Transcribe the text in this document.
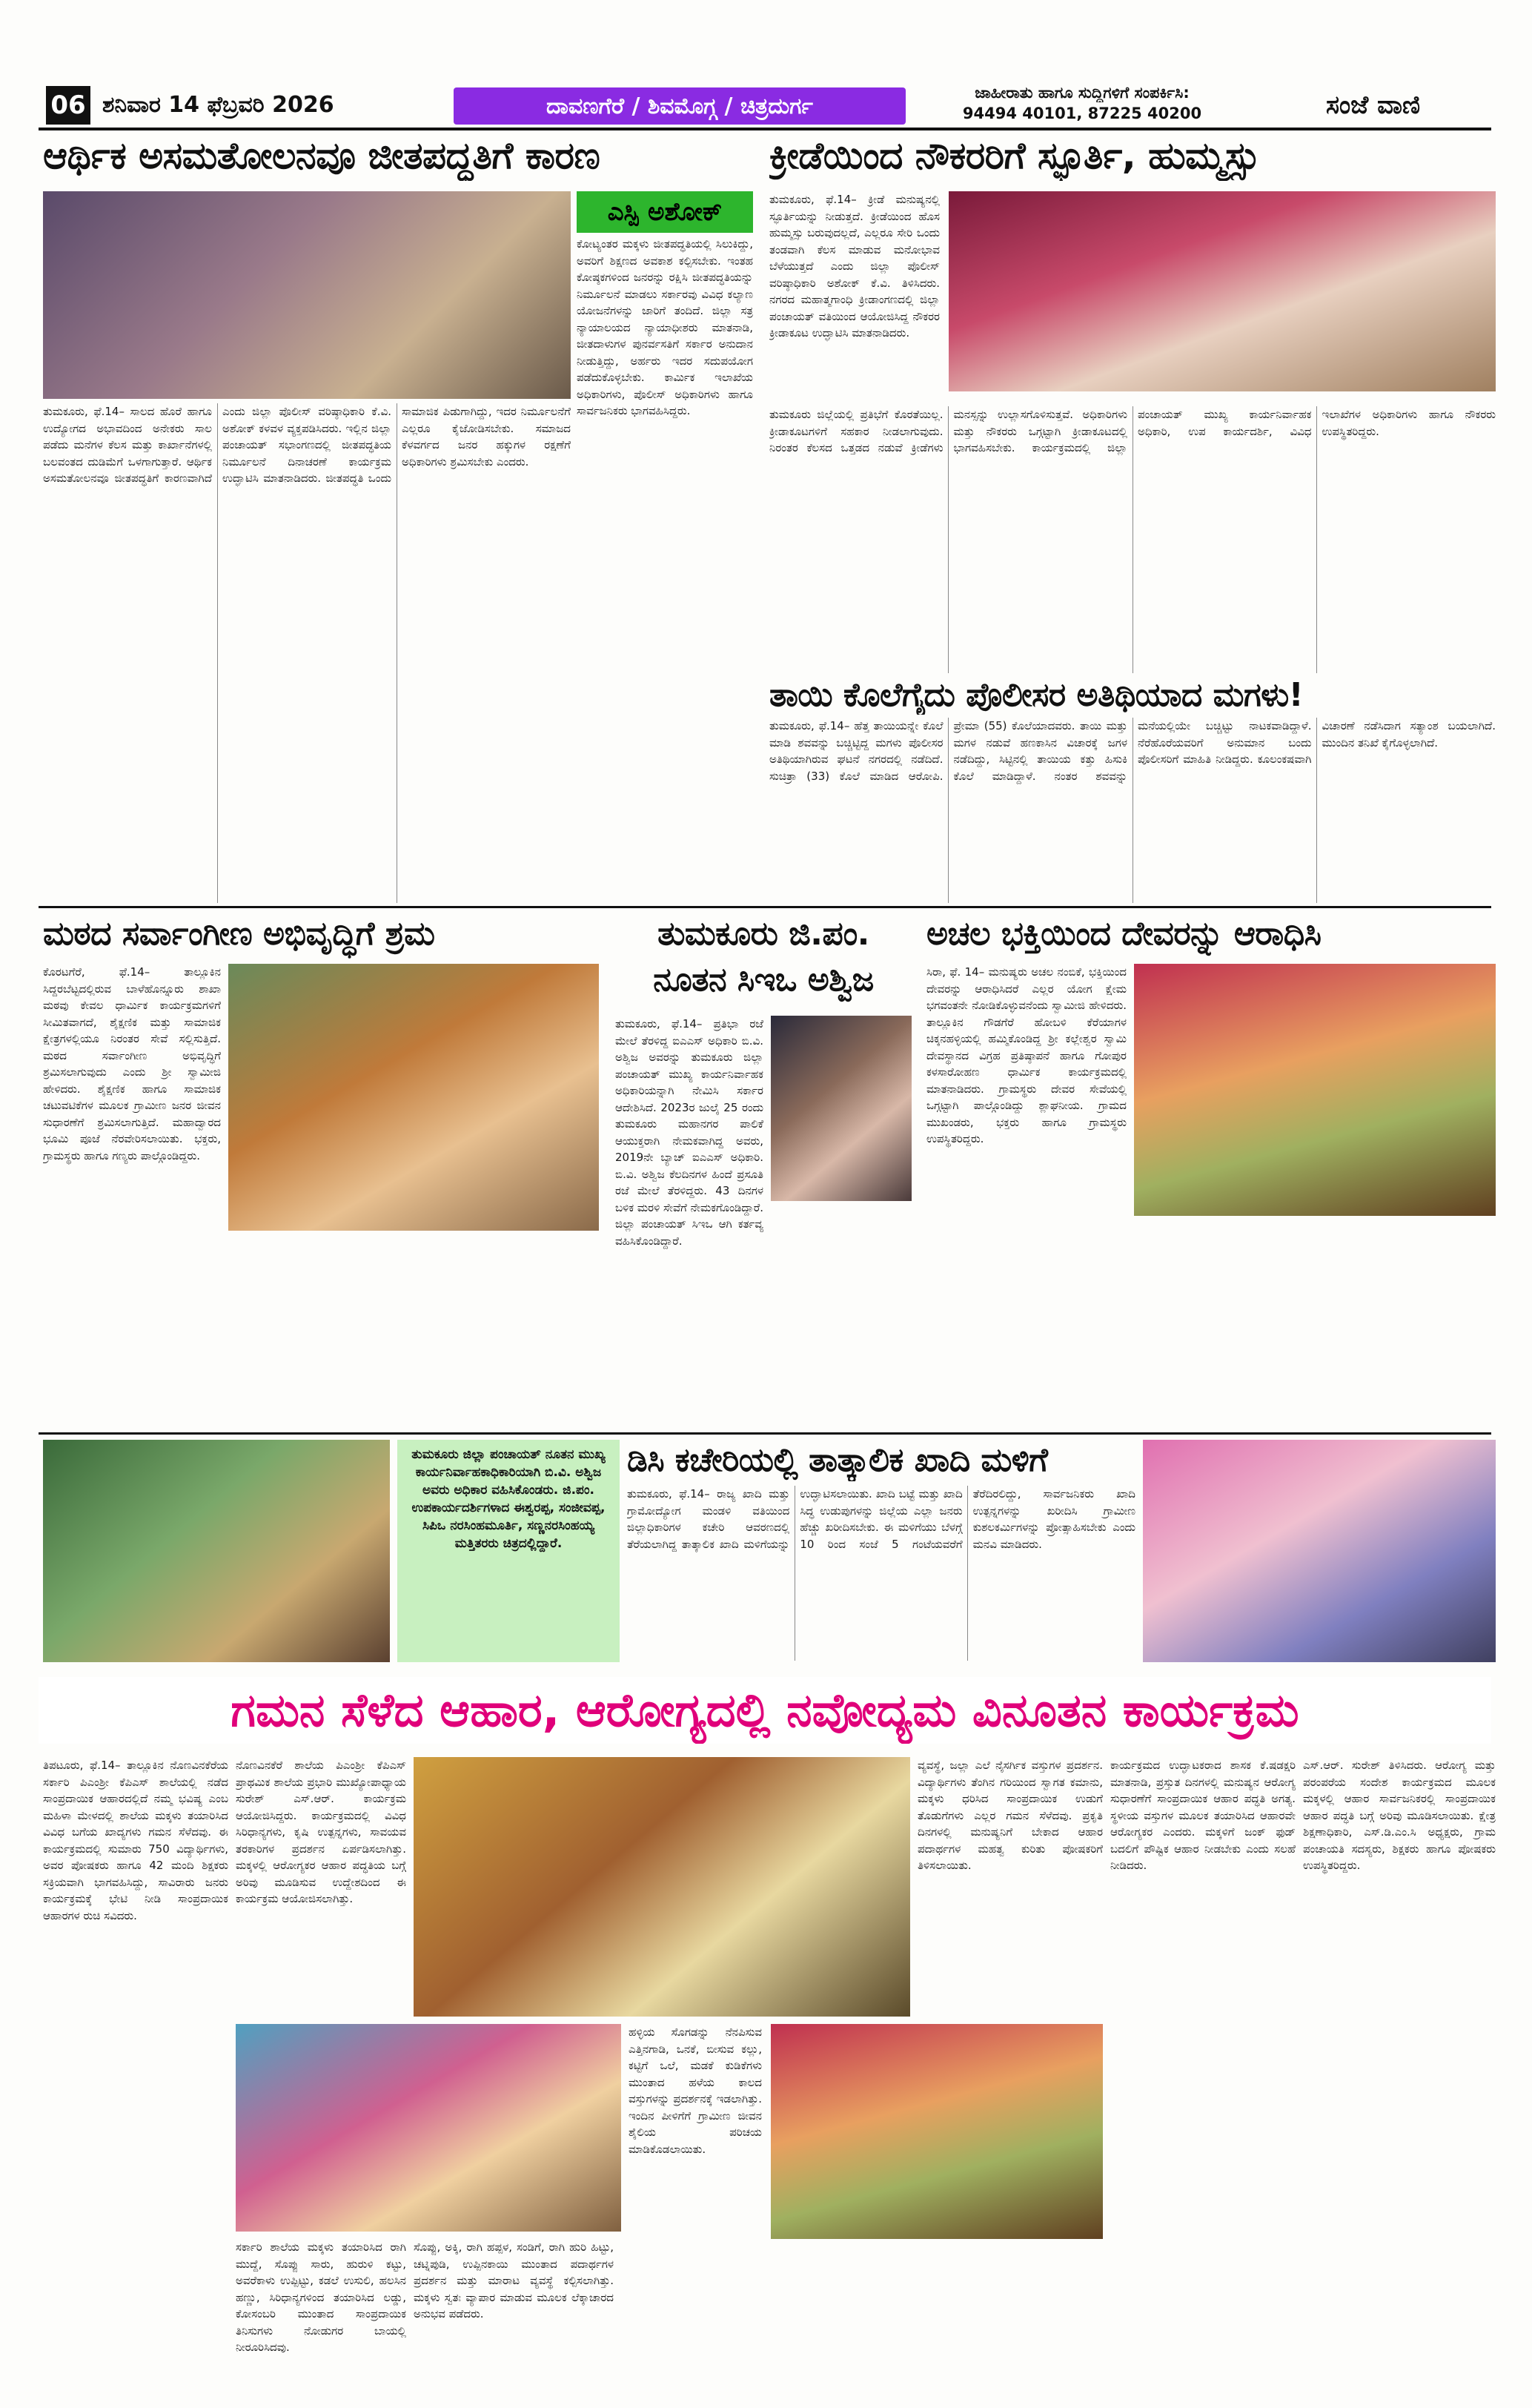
06 ಶನಿವಾರ 14 ಫೆಬ್ರವರಿ 2026	ದಾವಣಗೆರೆ / ಶಿವಮೊಗ್ಗ / ಚಿತ್ರದುರ್ಗ
ಜಾಹೀರಾತು ಹಾಗೂ ಸುದ್ದಿಗಳಿಗೆ ಸಂಪರ್ಕಿಸಿ:
94494 40101, 87225 40200	ಸಂಜೆ ವಾಣಿ
ಆರ್ಥಿಕ ಅಸಮತೋಲನವೂ ಜೀತಪದ್ಧತಿಗೆ ಕಾರಣ
ಎಸ್ಪಿ ಅಶೋಕ್
ಕೋಟ್ಯಂತರ ಮಕ್ಕಳು ಜೀತಪದ್ಧತಿಯಲ್ಲಿ ಸಿಲುಕಿದ್ದು, ಅವರಿಗೆ ಶಿಕ್ಷಣದ ಅವಕಾಶ ಕಲ್ಪಿಸಬೇಕು. ಇಂತಹ ಕೋಷ್ಠಕಗಳಿಂದ ಜನರನ್ನು ರಕ್ಷಿಸಿ ಜೀತಪದ್ಧತಿಯನ್ನು ನಿರ್ಮೂಲನೆ ಮಾಡಲು ಸರ್ಕಾರವು ವಿವಿಧ ಕಲ್ಯಾಣ ಯೋಜನೆಗಳನ್ನು ಜಾರಿಗೆ ತಂದಿದೆ. ಜಿಲ್ಲಾ ಸತ್ರ ನ್ಯಾಯಾಲಯದ ನ್ಯಾಯಾಧೀಶರು ಮಾತನಾಡಿ, ಜೀತದಾಳುಗಳ ಪುನರ್ವಸತಿಗೆ ಸರ್ಕಾರ ಅನುದಾನ ನೀಡುತ್ತಿದ್ದು, ಅರ್ಹರು ಇದರ ಸದುಪಯೋಗ ಪಡೆದುಕೊಳ್ಳಬೇಕು. ಕಾರ್ಮಿಕ ಇಲಾಖೆಯ ಅಧಿಕಾರಿಗಳು, ಪೊಲೀಸ್ ಅಧಿಕಾರಿಗಳು ಹಾಗೂ ಸಾರ್ವಜನಿಕರು ಭಾಗವಹಿಸಿದ್ದರು.
ತುಮಕೂರು, ಫೆ.14– ಸಾಲದ ಹೊರೆ ಹಾಗೂ ಉದ್ಯೋಗದ ಅಭಾವದಿಂದ ಅನೇಕರು ಸಾಲ ಪಡೆದು ಮನೆಗಳ ಕೆಲಸ ಮತ್ತು ಕಾರ್ಖಾನೆಗಳಲ್ಲಿ ಬಲವಂತದ ದುಡಿಮೆಗೆ ಒಳಗಾಗುತ್ತಾರೆ. ಆರ್ಥಿಕ ಅಸಮತೋಲನವೂ ಜೀತಪದ್ಧತಿಗೆ ಕಾರಣವಾಗಿದೆ ಎಂದು ಜಿಲ್ಲಾ ಪೊಲೀಸ್ ವರಿಷ್ಠಾಧಿಕಾರಿ ಕೆ.ವಿ. ಅಶೋಕ್ ಕಳವಳ ವ್ಯಕ್ತಪಡಿಸಿದರು. ಇಲ್ಲಿನ ಜಿಲ್ಲಾ ಪಂಚಾಯತ್ ಸಭಾಂಗಣದಲ್ಲಿ ಜೀತಪದ್ಧತಿಯ ನಿರ್ಮೂಲನೆ ದಿನಾಚರಣೆ ಕಾರ್ಯಕ್ರಮ ಉದ್ಘಾಟಿಸಿ ಮಾತನಾಡಿದರು. ಜೀತಪದ್ಧತಿ ಒಂದು ಸಾಮಾಜಿಕ ಪಿಡುಗಾಗಿದ್ದು, ಇದರ ನಿರ್ಮೂಲನೆಗೆ ಎಲ್ಲರೂ ಕೈಜೋಡಿಸಬೇಕು. ಸಮಾಜದ ಕೆಳವರ್ಗದ ಜನರ ಹಕ್ಕುಗಳ ರಕ್ಷಣೆಗೆ ಅಧಿಕಾರಿಗಳು ಶ್ರಮಿಸಬೇಕು ಎಂದರು.
ಕ್ರೀಡೆಯಿಂದ ನೌಕರರಿಗೆ ಸ್ಫೂರ್ತಿ, ಹುಮ್ಮಸ್ಸು
ತುಮಕೂರು, ಫೆ.14– ಕ್ರೀಡೆ ಮನುಷ್ಯನಲ್ಲಿ ಸ್ಫೂರ್ತಿಯನ್ನು ನೀಡುತ್ತದೆ. ಕ್ರೀಡೆಯಿಂದ ಹೊಸ ಹುಮ್ಮಸ್ಸು ಬರುವುದಲ್ಲದೆ, ಎಲ್ಲರೂ ಸೇರಿ ಒಂದು ತಂಡವಾಗಿ ಕೆಲಸ ಮಾಡುವ ಮನೋಭಾವ ಬೆಳೆಯುತ್ತದೆ ಎಂದು ಜಿಲ್ಲಾ ಪೊಲೀಸ್ ವರಿಷ್ಠಾಧಿಕಾರಿ ಅಶೋಕ್ ಕೆ.ವಿ. ತಿಳಿಸಿದರು. ನಗರದ ಮಹಾತ್ಮಗಾಂಧಿ ಕ್ರೀಡಾಂಗಣದಲ್ಲಿ ಜಿಲ್ಲಾ ಪಂಚಾಯತ್ ವತಿಯಿಂದ ಆಯೋಜಿಸಿದ್ದ ನೌಕರರ ಕ್ರೀಡಾಕೂಟ ಉದ್ಘಾಟಿಸಿ ಮಾತನಾಡಿದರು.
ತುಮಕೂರು ಜಿಲ್ಲೆಯಲ್ಲಿ ಪ್ರತಿಭೆಗೆ ಕೊರತೆಯಿಲ್ಲ. ಕ್ರೀಡಾಕೂಟಗಳಿಗೆ ಸಹಕಾರ ನೀಡಲಾಗುವುದು. ನಿರಂತರ ಕೆಲಸದ ಒತ್ತಡದ ನಡುವೆ ಕ್ರೀಡೆಗಳು ಮನಸ್ಸನ್ನು ಉಲ್ಲಾಸಗೊಳಿಸುತ್ತವೆ. ಅಧಿಕಾರಿಗಳು ಮತ್ತು ನೌಕರರು ಒಗ್ಗಟ್ಟಾಗಿ ಕ್ರೀಡಾಕೂಟದಲ್ಲಿ ಭಾಗವಹಿಸಬೇಕು. ಕಾರ್ಯಕ್ರಮದಲ್ಲಿ ಜಿಲ್ಲಾ ಪಂಚಾಯತ್ ಮುಖ್ಯ ಕಾರ್ಯನಿರ್ವಾಹಕ ಅಧಿಕಾರಿ, ಉಪ ಕಾರ್ಯದರ್ಶಿ, ವಿವಿಧ ಇಲಾಖೆಗಳ ಅಧಿಕಾರಿಗಳು ಹಾಗೂ ನೌಕರರು ಉಪಸ್ಥಿತರಿದ್ದರು.
ತಾಯಿ ಕೊಲೆಗೈದು ಪೊಲೀಸರ ಅತಿಥಿಯಾದ ಮಗಳು!
ತುಮಕೂರು, ಫೆ.14– ಹೆತ್ತ ತಾಯಿಯನ್ನೇ ಕೊಲೆ ಮಾಡಿ ಶವವನ್ನು ಬಚ್ಚಿಟ್ಟಿದ್ದ ಮಗಳು ಪೊಲೀಸರ ಅತಿಥಿಯಾಗಿರುವ ಘಟನೆ ನಗರದಲ್ಲಿ ನಡೆದಿದೆ. ಸುಚಿತ್ರಾ (33) ಕೊಲೆ ಮಾಡಿದ ಆರೋಪಿ. ಪ್ರೇಮಾ (55) ಕೊಲೆಯಾದವರು. ತಾಯಿ ಮತ್ತು ಮಗಳ ನಡುವೆ ಹಣಕಾಸಿನ ವಿಚಾರಕ್ಕೆ ಜಗಳ ನಡೆದಿದ್ದು, ಸಿಟ್ಟಿನಲ್ಲಿ ತಾಯಿಯ ಕತ್ತು ಹಿಸುಕಿ ಕೊಲೆ ಮಾಡಿದ್ದಾಳೆ. ನಂತರ ಶವವನ್ನು ಮನೆಯಲ್ಲಿಯೇ ಬಚ್ಚಿಟ್ಟು ನಾಟಕವಾಡಿದ್ದಾಳೆ. ನೆರೆಹೊರೆಯವರಿಗೆ ಅನುಮಾನ ಬಂದು ಪೊಲೀಸರಿಗೆ ಮಾಹಿತಿ ನೀಡಿದ್ದರು. ಕೂಲಂಕಷವಾಗಿ ವಿಚಾರಣೆ ನಡೆಸಿದಾಗ ಸತ್ಯಾಂಶ ಬಯಲಾಗಿದೆ. ಮುಂದಿನ ತನಿಖೆ ಕೈಗೊಳ್ಳಲಾಗಿದೆ.
ಮಠದ ಸರ್ವಾಂಗೀಣ ಅಭಿವೃದ್ಧಿಗೆ ಶ್ರಮ
ಕೊರಟಗೆರೆ, ಫೆ.14– ತಾಲ್ಲೂಕಿನ ಸಿದ್ದರಬೆಟ್ಟದಲ್ಲಿರುವ ಬಾಳೆಹೊನ್ನೂರು ಶಾಖಾ ಮಠವು ಕೇವಲ ಧಾರ್ಮಿಕ ಕಾರ್ಯಕ್ರಮಗಳಿಗೆ ಸೀಮಿತವಾಗದೆ, ಶೈಕ್ಷಣಿಕ ಮತ್ತು ಸಾಮಾಜಿಕ ಕ್ಷೇತ್ರಗಳಲ್ಲಿಯೂ ನಿರಂತರ ಸೇವೆ ಸಲ್ಲಿಸುತ್ತಿದೆ. ಮಠದ ಸರ್ವಾಂಗೀಣ ಅಭಿವೃದ್ಧಿಗೆ ಶ್ರಮಿಸಲಾಗುವುದು ಎಂದು ಶ್ರೀ ಸ್ವಾಮೀಜಿ ಹೇಳಿದರು. ಶೈಕ್ಷಣಿಕ ಹಾಗೂ ಸಾಮಾಜಿಕ ಚಟುವಟಿಕೆಗಳ ಮೂಲಕ ಗ್ರಾಮೀಣ ಜನರ ಜೀವನ ಸುಧಾರಣೆಗೆ ಶ್ರಮಿಸಲಾಗುತ್ತಿದೆ. ಮಹಾದ್ವಾರದ ಭೂಮಿ ಪೂಜೆ ನೆರವೇರಿಸಲಾಯಿತು. ಭಕ್ತರು, ಗ್ರಾಮಸ್ಥರು ಹಾಗೂ ಗಣ್ಯರು ಪಾಲ್ಗೊಂಡಿದ್ದರು.
ತುಮಕೂರು ಜಿ.ಪಂ.
ನೂತನ ಸಿಇಒ ಅಶ್ವಿಜ
ತುಮಕೂರು, ಫೆ.14– ಪ್ರತಿಭಾ ರಜೆ ಮೇಲೆ ತೆರಳಿದ್ದ ಐಎಎಸ್ ಅಧಿಕಾರಿ ಬಿ.ವಿ. ಅಶ್ವಿಜ ಅವರನ್ನು ತುಮಕೂರು ಜಿಲ್ಲಾ ಪಂಚಾಯತ್ ಮುಖ್ಯ ಕಾರ್ಯನಿರ್ವಾಹಕ ಅಧಿಕಾರಿಯನ್ನಾಗಿ ನೇಮಿಸಿ ಸರ್ಕಾರ ಆದೇಶಿಸಿದೆ. 2023ರ ಜುಲೈ 25 ರಂದು ತುಮಕೂರು ಮಹಾನಗರ ಪಾಲಿಕೆ ಆಯುಕ್ತರಾಗಿ ನೇಮಕವಾಗಿದ್ದ ಅವರು, 2019ನೇ ಬ್ಯಾಚ್ ಐಎಎಸ್ ಅಧಿಕಾರಿ. ಬಿ.ವಿ. ಅಶ್ವಿಜ ಕೆಲದಿನಗಳ ಹಿಂದೆ ಪ್ರಸೂತಿ ರಜೆ ಮೇಲೆ ತೆರಳಿದ್ದರು. 43 ದಿನಗಳ ಬಳಿಕ ಮರಳಿ ಸೇವೆಗೆ ನೇಮಕಗೊಂಡಿದ್ದಾರೆ. ಜಿಲ್ಲಾ ಪಂಚಾಯತ್ ಸಿಇಒ ಆಗಿ ಕರ್ತವ್ಯ ವಹಿಸಿಕೊಂಡಿದ್ದಾರೆ.
ಅಚಲ ಭಕ್ತಿಯಿಂದ ದೇವರನ್ನು ಆರಾಧಿಸಿ
ಸಿರಾ, ಫೆ. 14– ಮನುಷ್ಯರು ಅಚಲ ನಂಬಿಕೆ, ಭಕ್ತಿಯಿಂದ ದೇವರನ್ನು ಆರಾಧಿಸಿದರೆ ಎಲ್ಲರ ಯೋಗ ಕ್ಷೇಮ ಭಗವಂತನೇ ನೋಡಿಕೊಳ್ಳುವನೆಂದು ಸ್ವಾಮೀಜಿ ಹೇಳಿದರು. ತಾಲ್ಲೂಕಿನ ಗೌಡಗೆರೆ ಹೋಬಳಿ ಕೆರೆಯಾಗಳ ಚಿಕ್ಕನಹಳ್ಳಿಯಲ್ಲಿ ಹಮ್ಮಿಕೊಂಡಿದ್ದ ಶ್ರೀ ಕಲ್ಲೇಶ್ವರ ಸ್ವಾಮಿ ದೇವಸ್ಥಾನದ ವಿಗ್ರಹ ಪ್ರತಿಷ್ಠಾಪನೆ ಹಾಗೂ ಗೋಪುರ ಕಳಸಾರೋಹಣ ಧಾರ್ಮಿಕ ಕಾರ್ಯಕ್ರಮದಲ್ಲಿ ಮಾತನಾಡಿದರು. ಗ್ರಾಮಸ್ಥರು ದೇವರ ಸೇವೆಯಲ್ಲಿ ಒಗ್ಗಟ್ಟಾಗಿ ಪಾಲ್ಗೊಂಡಿದ್ದು ಶ್ಲಾಘನೀಯ. ಗ್ರಾಮದ ಮುಖಂಡರು, ಭಕ್ತರು ಹಾಗೂ ಗ್ರಾಮಸ್ಥರು ಉಪಸ್ಥಿತರಿದ್ದರು.
ತುಮಕೂರು ಜಿಲ್ಲಾ ಪಂಚಾಯತ್ ನೂತನ ಮುಖ್ಯ ಕಾರ್ಯನಿರ್ವಾಹಕಾಧಿಕಾರಿಯಾಗಿ ಬಿ.ವಿ. ಅಶ್ವಿಜ ಅವರು ಅಧಿಕಾರ ವಹಿಸಿಕೊಂಡರು. ಜಿ.ಪಂ. ಉಪಕಾರ್ಯದರ್ಶಿಗಳಾದ ಈಶ್ವರಪ್ಪ, ಸಂಜೀವಪ್ಪ, ಸಿಪಿಒ ನರಸಿಂಹಮೂರ್ತಿ, ಸಣ್ಣನರಸಿಂಹಯ್ಯ ಮತ್ತಿತರರು ಚಿತ್ರದಲ್ಲಿದ್ದಾರೆ.
ಡಿಸಿ ಕಚೇರಿಯಲ್ಲಿ ತಾತ್ಕಾಲಿಕ ಖಾದಿ ಮಳಿಗೆ
ತುಮಕೂರು, ಫೆ.14– ರಾಜ್ಯ ಖಾದಿ ಮತ್ತು ಗ್ರಾಮೋದ್ಯೋಗ ಮಂಡಳಿ ವತಿಯಿಂದ ಜಿಲ್ಲಾಧಿಕಾರಿಗಳ ಕಚೇರಿ ಆವರಣದಲ್ಲಿ ತೆರೆಯಲಾಗಿದ್ದ ತಾತ್ಕಾಲಿಕ ಖಾದಿ ಮಳಿಗೆಯನ್ನು ಉದ್ಘಾಟಿಸಲಾಯಿತು. ಖಾದಿ ಬಟ್ಟೆ ಮತ್ತು ಖಾದಿ ಸಿದ್ಧ ಉಡುಪುಗಳನ್ನು ಜಿಲ್ಲೆಯ ಎಲ್ಲಾ ಜನರು ಹೆಚ್ಚು ಖರೀದಿಸಬೇಕು. ಈ ಮಳಿಗೆಯು ಬೆಳಗ್ಗೆ 10 ರಿಂದ ಸಂಜೆ 5 ಗಂಟೆಯವರೆಗೆ ತೆರೆದಿರಲಿದ್ದು, ಸಾರ್ವಜನಿಕರು ಖಾದಿ ಉತ್ಪನ್ನಗಳನ್ನು ಖರೀದಿಸಿ ಗ್ರಾಮೀಣ ಕುಶಲಕರ್ಮಿಗಳನ್ನು ಪ್ರೋತ್ಸಾಹಿಸಬೇಕು ಎಂದು ಮನವಿ ಮಾಡಿದರು.
ಗಮನ ಸೆಳೆದ ಆಹಾರ, ಆರೋಗ್ಯದಲ್ಲಿ ನವೋದ್ಯಮ ವಿನೂತನ ಕಾರ್ಯಕ್ರಮ
ತಿಪಟೂರು, ಫೆ.14– ತಾಲ್ಲೂಕಿನ ನೊಣವಿನಕೆರೆಯ ಸರ್ಕಾರಿ ಪಿಎಂಶ್ರೀ ಕೆಪಿಎಸ್ ಶಾಲೆಯಲ್ಲಿ ನಡೆದ ಸಾಂಪ್ರದಾಯಿಕ ಆಹಾರದಲ್ಲಿದೆ ನಮ್ಮ ಭವಿಷ್ಯ ಎಂಬ ಮಹಿಳಾ ಮೇಳದಲ್ಲಿ ಶಾಲೆಯ ಮಕ್ಕಳು ತಯಾರಿಸಿದ ವಿವಿಧ ಬಗೆಯ ಖಾದ್ಯಗಳು ಗಮನ ಸೆಳೆದವು. ಈ ಕಾರ್ಯಕ್ರಮದಲ್ಲಿ ಸುಮಾರು 750 ವಿದ್ಯಾರ್ಥಿಗಳು, ಅವರ ಪೋಷಕರು ಹಾಗೂ 42 ಮಂದಿ ಶಿಕ್ಷಕರು ಸಕ್ರಿಯವಾಗಿ ಭಾಗವಹಿಸಿದ್ದು, ಸಾವಿರಾರು ಜನರು ಕಾರ್ಯಕ್ರಮಕ್ಕೆ ಭೇಟಿ ನೀಡಿ ಸಾಂಪ್ರದಾಯಿಕ ಆಹಾರಗಳ ರುಚಿ ಸವಿದರು.
ನೊಣವಿನಕೆರೆ ಶಾಲೆಯ ಪಿಎಂಶ್ರೀ ಕೆಪಿಎಸ್ ಪ್ರಾಥಮಿಕ ಶಾಲೆಯ ಪ್ರಭಾರಿ ಮುಖ್ಯೋಪಾಧ್ಯಾಯ ಸುರೇಶ್ ಎಸ್.ಆರ್. ಕಾರ್ಯಕ್ರಮ ಆಯೋಜಿಸಿದ್ದರು. ಕಾರ್ಯಕ್ರಮದಲ್ಲಿ ವಿವಿಧ ಸಿರಿಧಾನ್ಯಗಳು, ಕೃಷಿ ಉತ್ಪನ್ನಗಳು, ಸಾವಯವ ತರಕಾರಿಗಳ ಪ್ರದರ್ಶನ ಏರ್ಪಡಿಸಲಾಗಿತ್ತು. ಮಕ್ಕಳಲ್ಲಿ ಆರೋಗ್ಯಕರ ಆಹಾರ ಪದ್ಧತಿಯ ಬಗ್ಗೆ ಅರಿವು ಮೂಡಿಸುವ ಉದ್ದೇಶದಿಂದ ಈ ಕಾರ್ಯಕ್ರಮ ಆಯೋಜಿಸಲಾಗಿತ್ತು.
ವ್ಯವಸ್ಥೆ, ಜಲ್ಲಾ ಎಲೆ ನೈಸರ್ಗಿಕ ವಸ್ತುಗಳ ಪ್ರದರ್ಶನ. ವಿದ್ಯಾರ್ಥಿಗಳು ತೆಂಗಿನ ಗರಿಯಿಂದ ಸ್ವಾಗತ ಕಮಾನು, ಮಕ್ಕಳು ಧರಿಸಿದ ಸಾಂಪ್ರದಾಯಿಕ ಉಡುಗೆ ತೊಡುಗೆಗಳು ಎಲ್ಲರ ಗಮನ ಸೆಳೆದವು. ಪ್ರಕೃತಿ ದಿನಗಳಲ್ಲಿ ಮನುಷ್ಯನಿಗೆ ಬೇಕಾದ ಆಹಾರ ಪದಾರ್ಥಗಳ ಮಹತ್ವ ಕುರಿತು ಪೋಷಕರಿಗೆ ತಿಳಿಸಲಾಯಿತು.
ಕಾರ್ಯಕ್ರಮದ ಉದ್ಘಾಟಕರಾದ ಶಾಸಕ ಕೆ.ಷಡಕ್ಷರಿ ಮಾತನಾಡಿ, ಪ್ರಸ್ತುತ ದಿನಗಳಲ್ಲಿ ಮನುಷ್ಯನ ಆರೋಗ್ಯ ಸುಧಾರಣೆಗೆ ಸಾಂಪ್ರದಾಯಿಕ ಆಹಾರ ಪದ್ಧತಿ ಅಗತ್ಯ. ಸ್ಥಳೀಯ ವಸ್ತುಗಳ ಮೂಲಕ ತಯಾರಿಸಿದ ಆಹಾರವೇ ಆರೋಗ್ಯಕರ ಎಂದರು. ಮಕ್ಕಳಿಗೆ ಜಂಕ್ ಫುಡ್ ಬದಲಿಗೆ ಪೌಷ್ಟಿಕ ಆಹಾರ ನೀಡಬೇಕು ಎಂದು ಸಲಹೆ ನೀಡಿದರು.
ಎಸ್.ಆರ್. ಸುರೇಶ್ ತಿಳಿಸಿದರು. ಆರೋಗ್ಯ ಮತ್ತು ಪರಂಪರೆಯ ಸಂದೇಶ ಕಾರ್ಯಕ್ರಮದ ಮೂಲಕ ಮಕ್ಕಳಲ್ಲಿ ಆಹಾರ ಸಾರ್ವಜನಿಕರಲ್ಲಿ ಸಾಂಪ್ರದಾಯಿಕ ಆಹಾರ ಪದ್ಧತಿ ಬಗ್ಗೆ ಅರಿವು ಮೂಡಿಸಲಾಯಿತು. ಕ್ಷೇತ್ರ ಶಿಕ್ಷಣಾಧಿಕಾರಿ, ಎಸ್.ಡಿ.ಎಂ.ಸಿ ಅಧ್ಯಕ್ಷರು, ಗ್ರಾಮ ಪಂಚಾಯತಿ ಸದಸ್ಯರು, ಶಿಕ್ಷಕರು ಹಾಗೂ ಪೋಷಕರು ಉಪಸ್ಥಿತರಿದ್ದರು.
ಸರ್ಕಾರಿ ಶಾಲೆಯ ಮಕ್ಕಳು ತಯಾರಿಸಿದ ರಾಗಿ ಮುದ್ದೆ, ಸೊಪ್ಪು ಸಾರು, ಹುರುಳಿ ಕಟ್ಟು, ಅವರೆಕಾಳು ಉಪ್ಪಿಟ್ಟು, ಕಡಲೆ ಉಸುಲಿ, ಹಲಸಿನ ಹಣ್ಣು, ಸಿರಿಧಾನ್ಯಗಳಿಂದ ತಯಾರಿಸಿದ ಲಡ್ಡು, ಕೋಸಂಬರಿ ಮುಂತಾದ ಸಾಂಪ್ರದಾಯಿಕ ತಿನಿಸುಗಳು ನೋಡುಗರ ಬಾಯಲ್ಲಿ ನೀರೂರಿಸಿದವು.
ಸೊಪ್ಪು, ಅಕ್ಕಿ, ರಾಗಿ ಹಪ್ಪಳ, ಸಂಡಿಗೆ, ರಾಗಿ ಹುರಿ ಹಿಟ್ಟು, ಚಟ್ನಿಪುಡಿ, ಉಪ್ಪಿನಕಾಯಿ ಮುಂತಾದ ಪದಾರ್ಥಗಳ ಪ್ರದರ್ಶನ ಮತ್ತು ಮಾರಾಟ ವ್ಯವಸ್ಥೆ ಕಲ್ಪಿಸಲಾಗಿತ್ತು. ಮಕ್ಕಳು ಸ್ವತಃ ವ್ಯಾಪಾರ ಮಾಡುವ ಮೂಲಕ ಲೆಕ್ಕಾಚಾರದ ಅನುಭವ ಪಡೆದರು.
ಹಳ್ಳಿಯ ಸೊಗಡನ್ನು ನೆನಪಿಸುವ ಎತ್ತಿನಗಾಡಿ, ಒನಕೆ, ಬೀಸುವ ಕಲ್ಲು, ಕಟ್ಟಿಗೆ ಒಲೆ, ಮಡಕೆ ಕುಡಿಕೆಗಳು ಮುಂತಾದ ಹಳೆಯ ಕಾಲದ ವಸ್ತುಗಳನ್ನು ಪ್ರದರ್ಶನಕ್ಕೆ ಇಡಲಾಗಿತ್ತು. ಇಂದಿನ ಪೀಳಿಗೆಗೆ ಗ್ರಾಮೀಣ ಜೀವನ ಶೈಲಿಯ ಪರಿಚಯ ಮಾಡಿಕೊಡಲಾಯಿತು.
